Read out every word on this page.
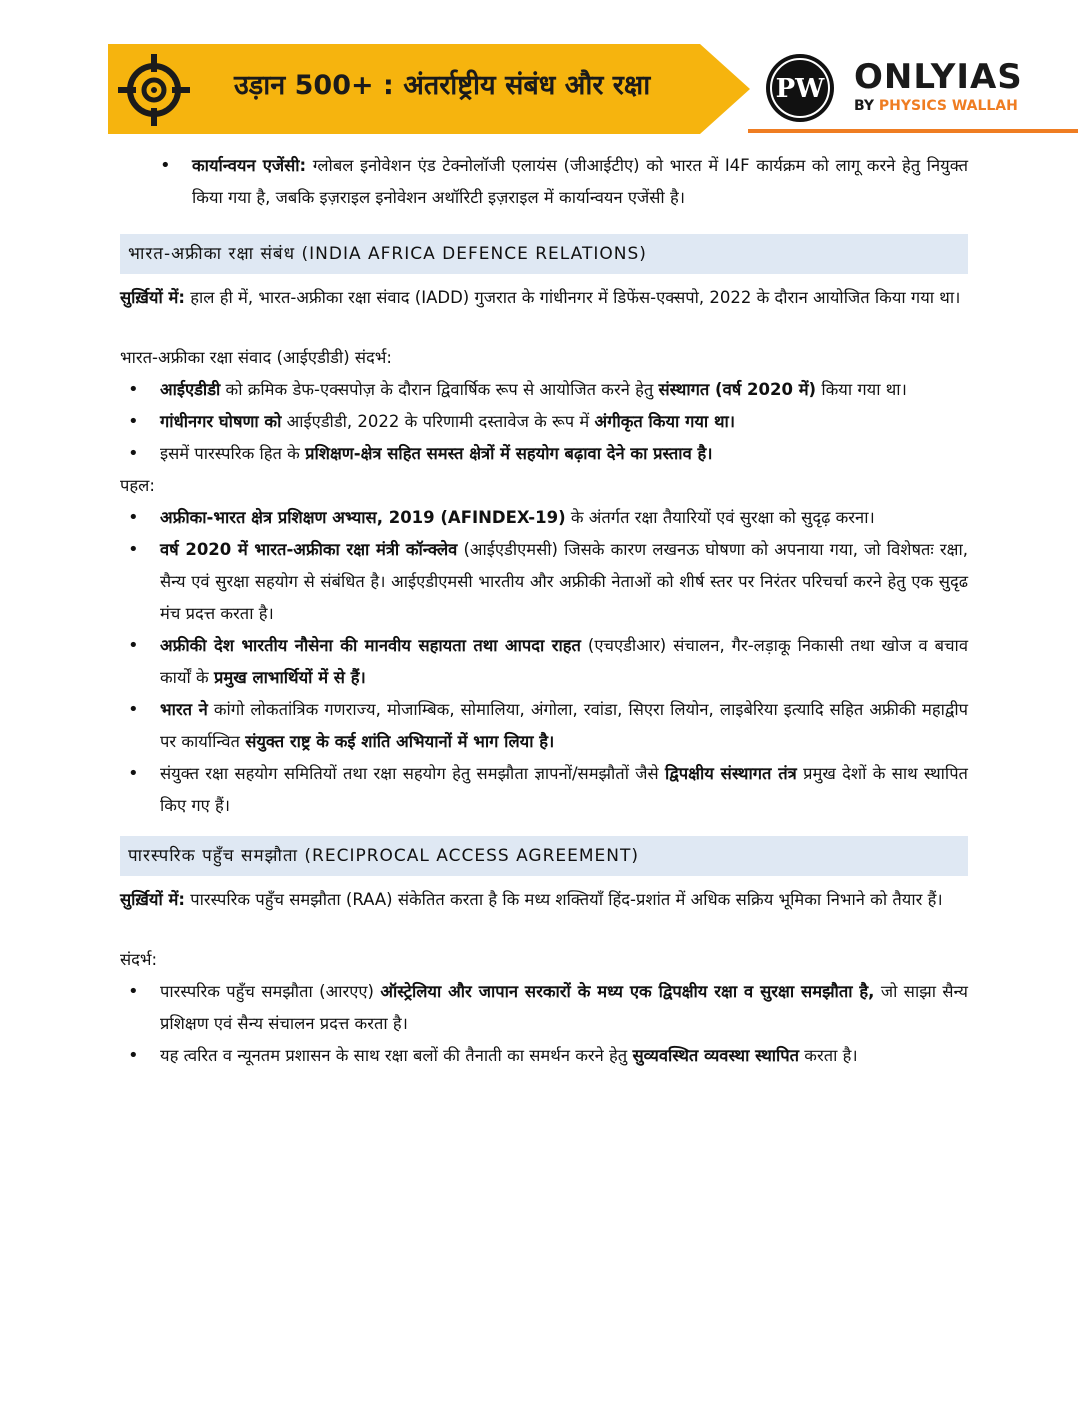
उड़ान 500+ : अंतर्राष्ट्रीय संबंध और रक्षा	PW ONLYIAS
BY PHYSICS WALLAH
• कार्यान्वयन एजेंसी: ग्लोबल इनोवेशन एंड टेक्नोलॉजी एलायंस (जीआईटीए) को भारत में I4F कार्यक्रम को लागू करने हेतु नियुक्त किया गया है, जबकि इज़राइल इनोवेशन अथॉरिटी इज़राइल में कार्यान्वयन एजेंसी है।
भारत-अफ्रीका रक्षा संबंध (INDIA AFRICA DEFENCE RELATIONS)
सुर्ख़ियों में: हाल ही में, भारत-अफ्रीका रक्षा संवाद (IADD) गुजरात के गांधीनगर में डिफेंस-एक्सपो, 2022 के दौरान आयोजित किया गया था।
भारत-अफ्रीका रक्षा संवाद (आईएडीडी) संदर्भ:
• आईएडीडी को क्रमिक डेफ-एक्सपोज़ के दौरान द्विवार्षिक रूप से आयोजित करने हेतु संस्थागत (वर्ष 2020 में) किया गया था।
• गांधीनगर घोषणा को आईएडीडी, 2022 के परिणामी दस्तावेज के रूप में अंगीकृत किया गया था।
• इसमें पारस्परिक हित के प्रशिक्षण-क्षेत्र सहित समस्त क्षेत्रों में सहयोग बढ़ावा देने का प्रस्ताव है।
पहल:
• अफ्रीका-भारत क्षेत्र प्रशिक्षण अभ्यास, 2019 (AFINDEX-19) के अंतर्गत रक्षा तैयारियों एवं सुरक्षा को सुदृढ़ करना।
• वर्ष 2020 में भारत-अफ्रीका रक्षा मंत्री कॉन्क्लेव (आईएडीएमसी) जिसके कारण लखनऊ घोषणा को अपनाया गया, जो विशेषतः रक्षा, सैन्य एवं सुरक्षा सहयोग से संबंधित है। आईएडीएमसी भारतीय और अफ्रीकी नेताओं को शीर्ष स्तर पर निरंतर परिचर्चा करने हेतु एक सुदृढ मंच प्रदत्त करता है।
• अफ्रीकी देश भारतीय नौसेना की मानवीय सहायता तथा आपदा राहत (एचएडीआर) संचालन, गैर-लड़ाकू निकासी तथा खोज व बचाव कार्यों के प्रमुख लाभार्थियों में से हैं।
• भारत ने कांगो लोकतांत्रिक गणराज्य, मोजाम्बिक, सोमालिया, अंगोला, रवांडा, सिएरा लियोन, लाइबेरिया इत्यादि सहित अफ्रीकी महाद्वीप पर कार्यान्वित संयुक्त राष्ट्र के कई शांति अभियानों में भाग लिया है।
• संयुक्त रक्षा सहयोग समितियों तथा रक्षा सहयोग हेतु समझौता ज्ञापनों/समझौतों जैसे द्विपक्षीय संस्थागत तंत्र प्रमुख देशों के साथ स्थापित किए गए हैं।
पारस्परिक पहुँच समझौता (RECIPROCAL ACCESS AGREEMENT)
सुर्ख़ियों में: पारस्परिक पहुँच समझौता (RAA) संकेतित करता है कि मध्य शक्तियाँ हिंद-प्रशांत में अधिक सक्रिय भूमिका निभाने को तैयार हैं।
संदर्भ:
• पारस्परिक पहुँच समझौता (आरएए) ऑस्ट्रेलिया और जापान सरकारों के मध्य एक द्विपक्षीय रक्षा व सुरक्षा समझौता है, जो साझा सैन्य प्रशिक्षण एवं सैन्य संचालन प्रदत्त करता है।
• यह त्वरित व न्यूनतम प्रशासन के साथ रक्षा बलों की तैनाती का समर्थन करने हेतु सुव्यवस्थित व्यवस्था स्थापित करता है।
